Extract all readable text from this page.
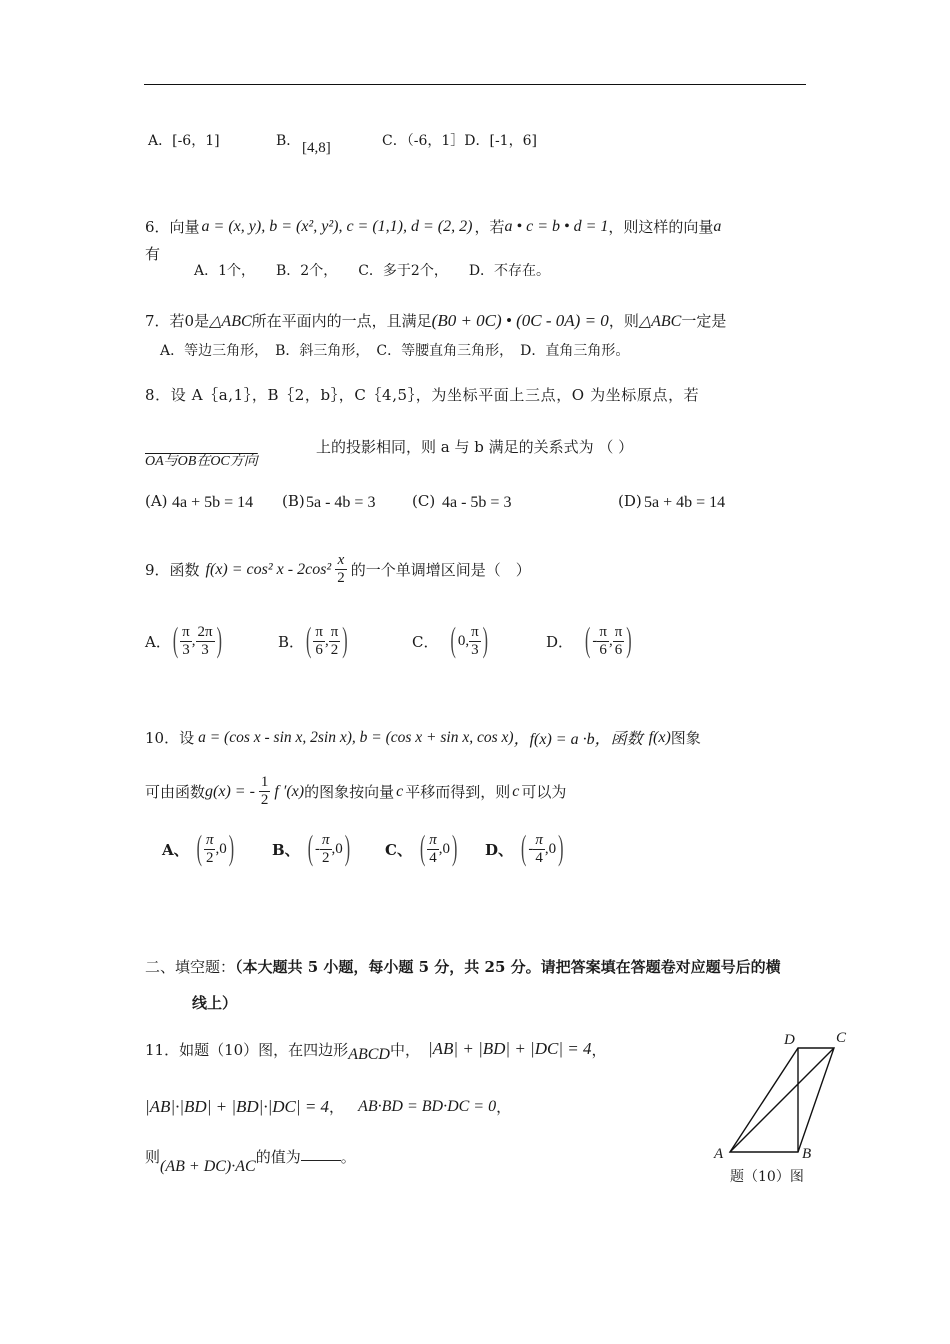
A．[-6，1]	B． [4,8]	C．（-6，1］D．[-1，6]
6．向量 a = (x, y), b = (x², y²), c = (1,1), d = (2, 2) ，若 a • c = b • d = 1 ，则这样的向量 a
有
A．1个，　　B．2个，　　C．多于2个，　　D．不存在。
7．若 0 是 △ABC 所在平面内的一点，且满足 (B0 + 0C) • (0C - 0A) = 0 ，则 △ABC 一定是
A．等边三角形，　B．斜三角形，　C．等腰直角三角形，　D．直角三角形。
8．设 A｛a,1｝，B｛2，b｝，C｛4,5｝，为坐标平面上三点，O 为坐标原点，若
OA与OB在OC方向
上的投影相同，则 a 与 b 满足的关系式为 （ ）
(A) 4a + 5b = 14 (B) 5a - 4b = 3 (C) 4a - 5b = 3	(D) 5a + 4b = 14
9．函数 f(x) = cos² x - $2\cos^2 \frac{x}{2}$ 的一个单调增区间是（　）
A． ( $\frac{\pi}{3}$ , $\frac{2\pi}{3}$ )	B． ( $\frac{\pi}{6}$ , $\frac{\pi}{2}$ )	C． ( 0, $\frac{\pi}{3}$ )	D． ( - $\frac{\pi}{6}$ , $\frac{\pi}{6}$ )
10．设 a = (cos x - sin x, 2sin x), b = (cos x + sin x, cos x) ，f(x) = a ·b，函数 f(x) 图象
可由函数 g(x) = - $\frac{1}{2}$ f ′(x) 的图象按向量 c 平移而得到，则 c 可以为
A、 ( $\frac{\pi}{2} ,0$ )	B、 ( - $\frac{\pi}{2} ,0$ ) C、 ( $\frac{\pi}{4} ,0$ ) D、 ( - $\frac{\pi}{4} ,0$ )
二、填空题：（本大题共 5 小题，每小题 5 分，共 25 分。请把答案填在答题卷对应题号后的横
线上）
11．如题（10）图，在四边形 ABCD 中， |AB| + |BD| + |DC| = 4 ，
|AB|·|BD| + |BD|·|DC| = 4 ， AB·BD = BD·DC = 0 ，
则
(AB + DC)·AC
的值为	。
D	C
A	B
题（10）图
